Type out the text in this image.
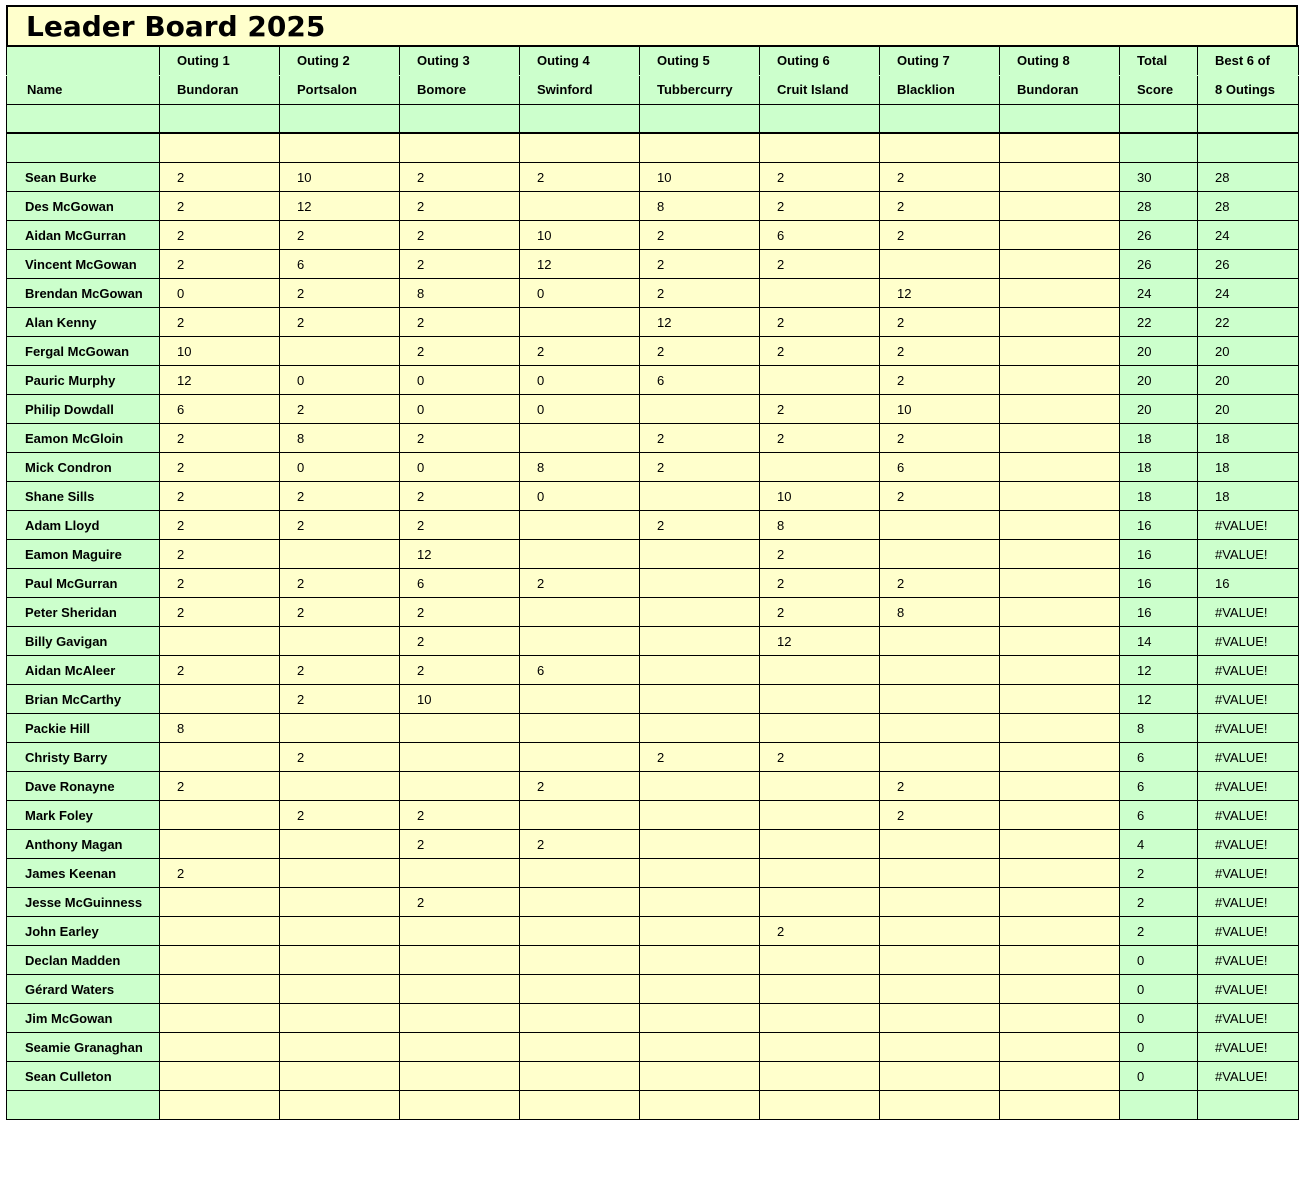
Leader Board 2025
	Outing 1	Outing 2	Outing 3	Outing 4	Outing 5	Outing 6	Outing 7	Outing 8	Total	Best 6 of
Name	Bundoran	Portsalon	Bomore	Swinford	Tubbercurry	Cruit Island	Blacklion	Bundoran	Score	8 Outings

Sean Burke	2	10	2	2	10	2	2		30	28
Des McGowan	2	12	2		8	2	2		28	28
Aidan McGurran	2	2	2	10	2	6	2		26	24
Vincent McGowan	2	6	2	12	2	2			26	26
Brendan McGowan	0	2	8	0	2		12		24	24
Alan Kenny	2	2	2		12	2	2		22	22
Fergal McGowan	10		2	2	2	2	2		20	20
Pauric Murphy	12	0	0	0	6		2		20	20
Philip Dowdall	6	2	0	0		2	10		20	20
Eamon McGloin	2	8	2		2	2	2		18	18
Mick Condron	2	0	0	8	2		6		18	18
Shane Sills	2	2	2	0		10	2		18	18
Adam Lloyd	2	2	2		2	8			16	#VALUE!
Eamon Maguire	2		12			2			16	#VALUE!
Paul McGurran	2	2	6	2		2	2		16	16
Peter Sheridan	2	2	2			2	8		16	#VALUE!
Billy Gavigan			2			12			14	#VALUE!
Aidan McAleer	2	2	2	6					12	#VALUE!
Brian McCarthy		2	10						12	#VALUE!
Packie Hill	8								8	#VALUE!
Christy Barry		2			2	2			6	#VALUE!
Dave Ronayne	2			2			2		6	#VALUE!
Mark Foley		2	2				2		6	#VALUE!
Anthony Magan			2	2					4	#VALUE!
James Keenan	2								2	#VALUE!
Jesse McGuinness			2						2	#VALUE!
John Earley						2			2	#VALUE!
Declan Madden									0	#VALUE!
Gérard Waters									0	#VALUE!
Jim McGowan									0	#VALUE!
Seamie Granaghan									0	#VALUE!
Sean Culleton									0	#VALUE!
